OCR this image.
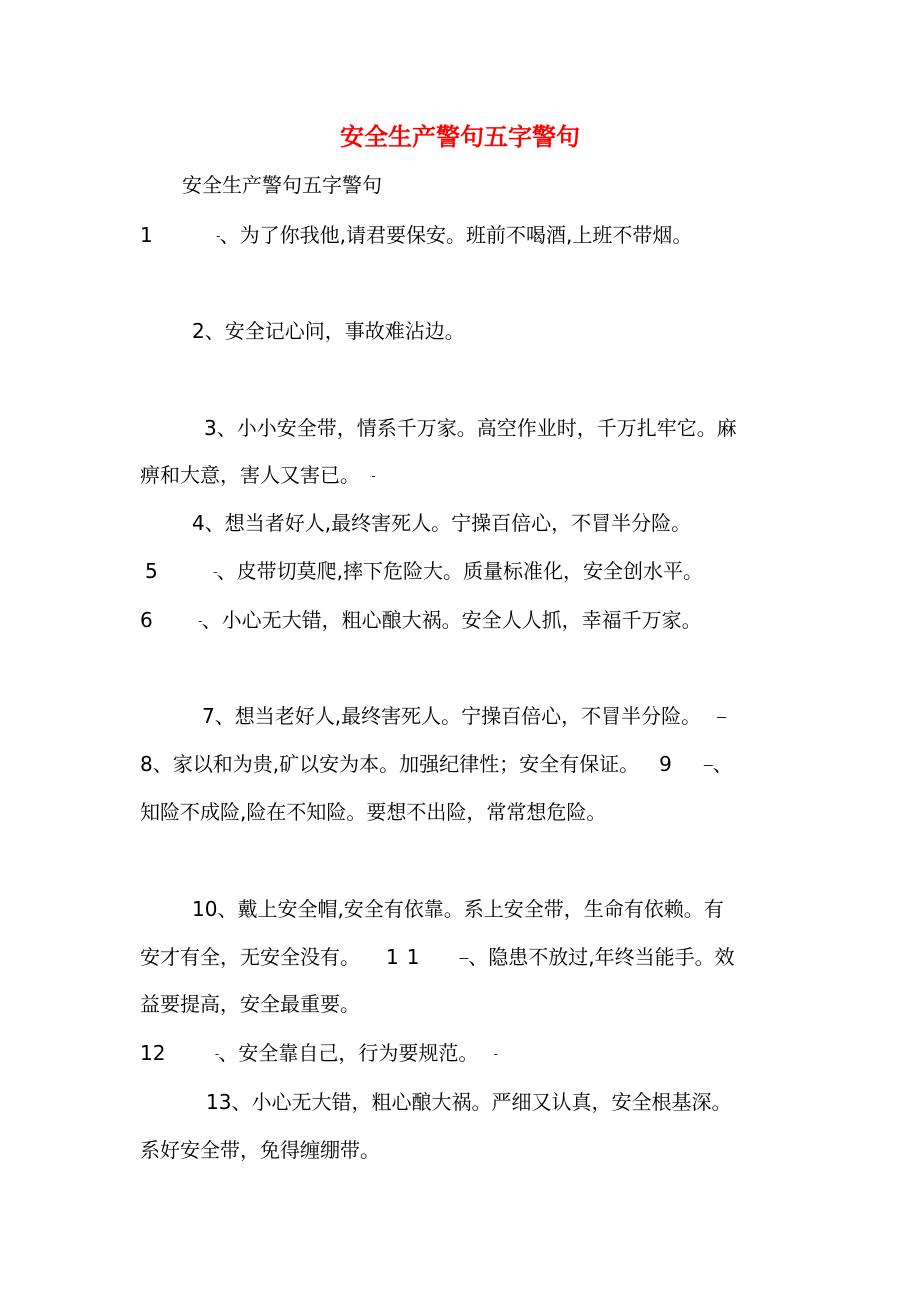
安全生产警句五字警句
安全生产警句五字警句
1	ـ、为了你我他,请君要保安。班前不喝酒,上班不带烟。
2、安全记心问，事故难沾边。
3、小小安全带，情系千万家。高空作业时，千万扎牢它。麻
痹和大意，害人又害已。 ـ
4、想当者好人,最终害死人。宁操百倍心，不冒半分险。
5	ـ、皮带切莫爬,摔下危险大。质量标准化，安全创水平。
6	ـ、小心无大错，粗心酿大祸。安全人人抓，幸福千万家。
7、想当老好人,最终害死人。宁操百倍心，不冒半分险。 ـــ
8、家以和为贵,矿以安为本。加强纪律性；安全有保证。 9	ـــ、
知险不成险,险在不知险。要想不出险，常常想危险。
10、戴上安全帽,安全有依靠。系上安全带，生命有依赖。有
安才有全，无安全没有。 11	ـــ、隐患不放过,年终当能手。效
益要提高，安全最重要。
12	ـ、安全靠自己，行为要规范。 ـ
13、小心无大错，粗心酿大祸。严细又认真，安全根基深。
系好安全带，免得缠绷带。
